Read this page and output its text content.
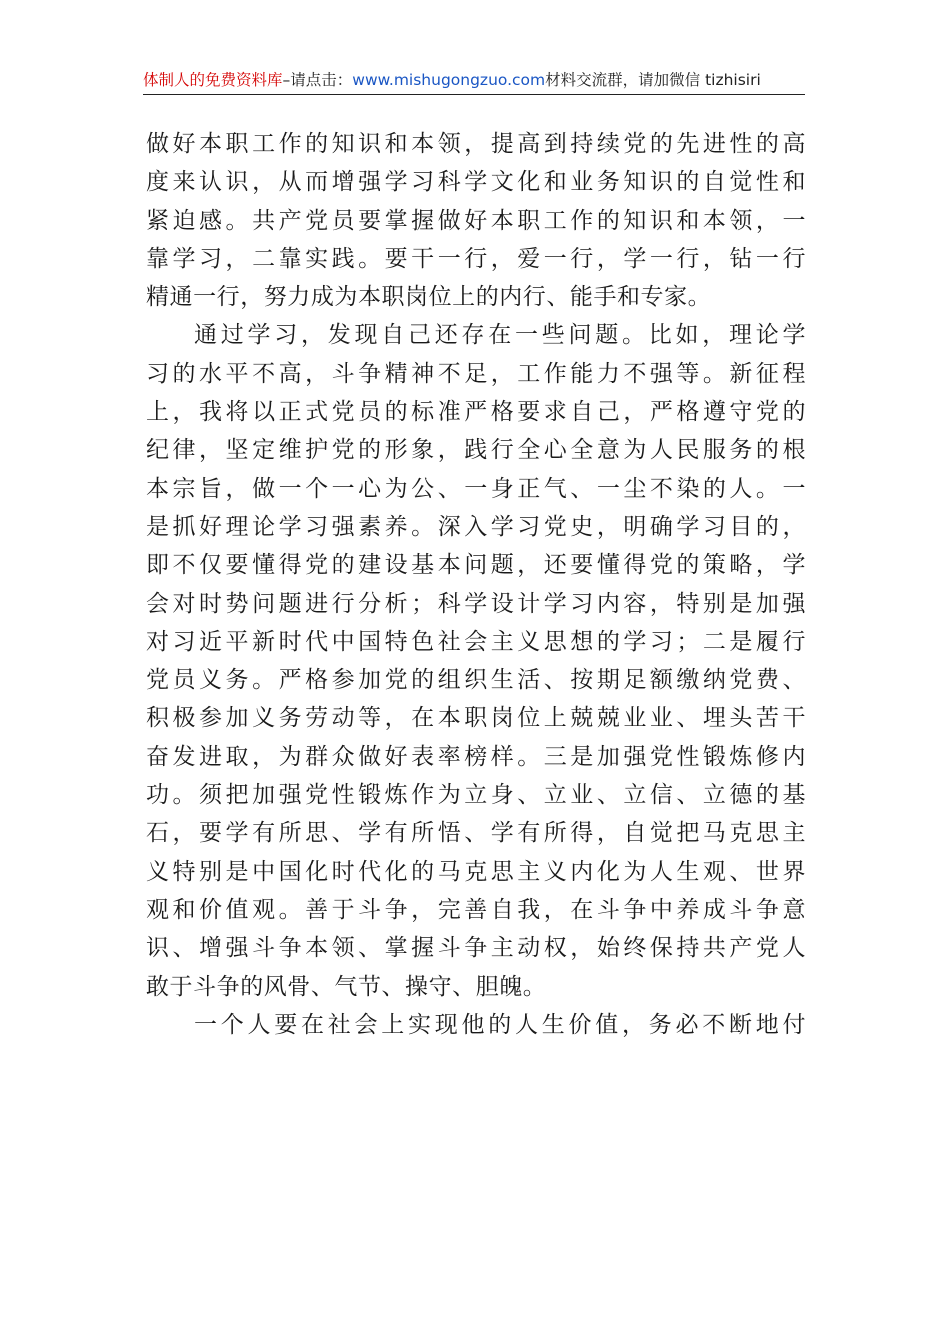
体制人的免费资料库–请点击：www.mishugongzuo.com材料交流群，请加微信 tizhisiri
做好本职工作的知识和本领，提高到持续党的先进性的高
度来认识，从而增强学习科学文化和业务知识的自觉性和
紧迫感。共产党员要掌握做好本职工作的知识和本领，一
靠学习，二靠实践。要干一行，爱一行，学一行，钻一行
精通一行，努力成为本职岗位上的内行、能手和专家。
通过学习，发现自己还存在一些问题。比如，理论学
习的水平不高，斗争精神不足，工作能力不强等。新征程
上，我将以正式党员的标准严格要求自己，严格遵守党的
纪律，坚定维护党的形象，践行全心全意为人民服务的根
本宗旨，做一个一心为公、一身正气、一尘不染的人。一
是抓好理论学习强素养。深入学习党史，明确学习目的，
即不仅要懂得党的建设基本问题，还要懂得党的策略，学
会对时势问题进行分析；科学设计学习内容，特别是加强
对习近平新时代中国特色社会主义思想的学习；二是履行
党员义务。严格参加党的组织生活、按期足额缴纳党费、
积极参加义务劳动等，在本职岗位上兢兢业业、埋头苦干
奋发进取，为群众做好表率榜样。三是加强党性锻炼修内
功。须把加强党性锻炼作为立身、立业、立信、立德的基
石，要学有所思、学有所悟、学有所得，自觉把马克思主
义特别是中国化时代化的马克思主义内化为人生观、世界
观和价值观。善于斗争，完善自我，在斗争中养成斗争意
识、增强斗争本领、掌握斗争主动权，始终保持共产党人
敢于斗争的风骨、气节、操守、胆魄。
一个人要在社会上实现他的人生价值，务必不断地付
